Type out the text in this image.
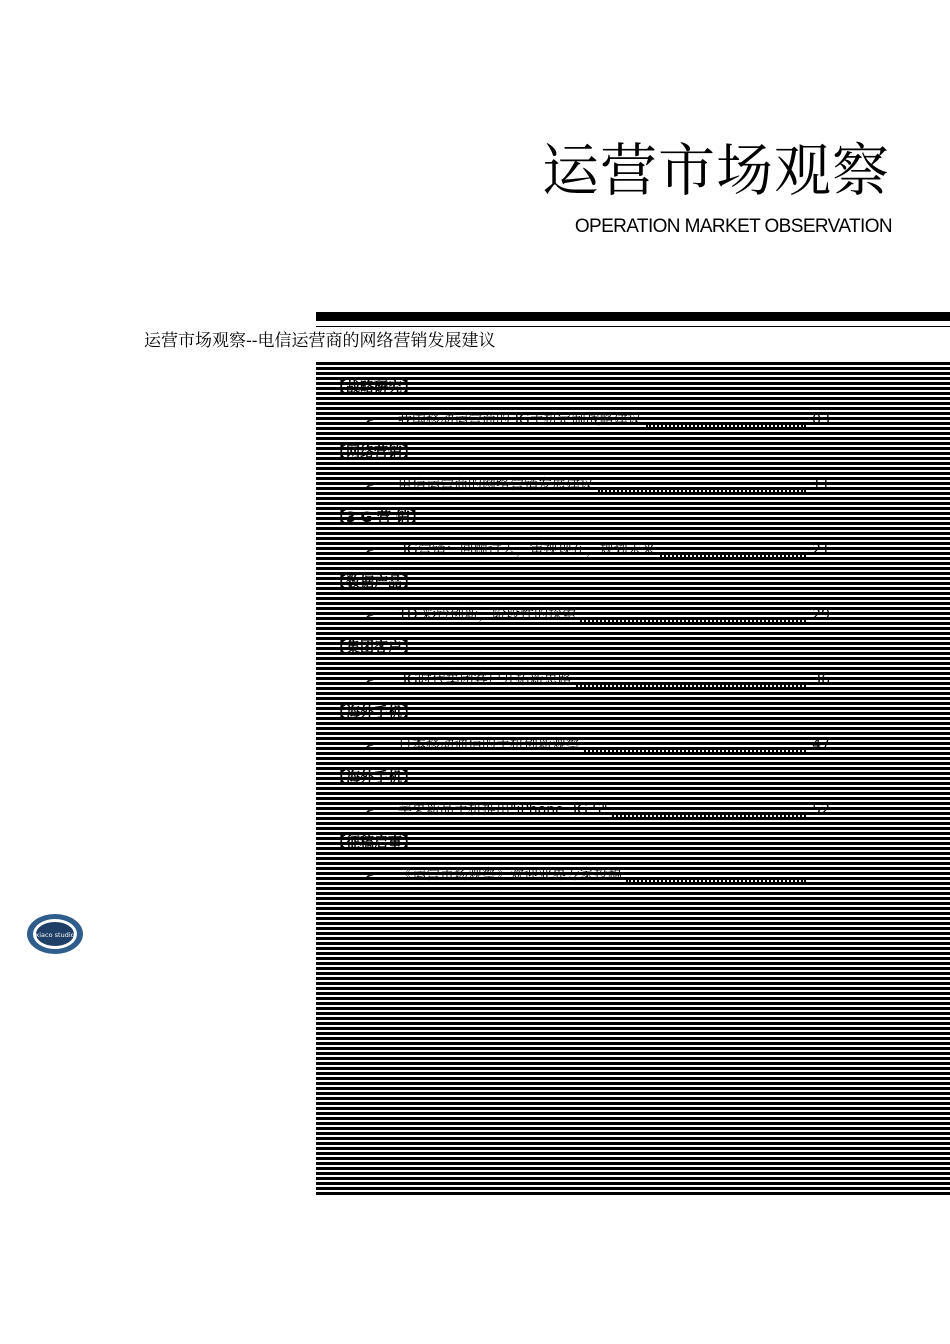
运营市场观察
OPERATION MARKET OBSERVATION
运营市场观察--电信运营商的网络营销发展建议
【战略研究】
➢	我国移动运营商的3G手机定制战略建议	03
【网络营销】
➢	电信运营商的网络营销发展建议	11
【3 G 营 销】
➢	3G营销：回顾过去，审视现在，规划未来	21
【数据产品】
➢	1D 彩铃创新，阶段性的探索	29
【集团客户】
➢	3G时代集团客户开拓新思路	36
【海外手机】
➢	日本移动通信的手机创新观察	47
【海外手机】
➢	苹果新品手机推出"iPhone 3G S"	52
【征稿启事】
➢	《运营市场观察》欢迎业界专家投稿
xiaco studio
